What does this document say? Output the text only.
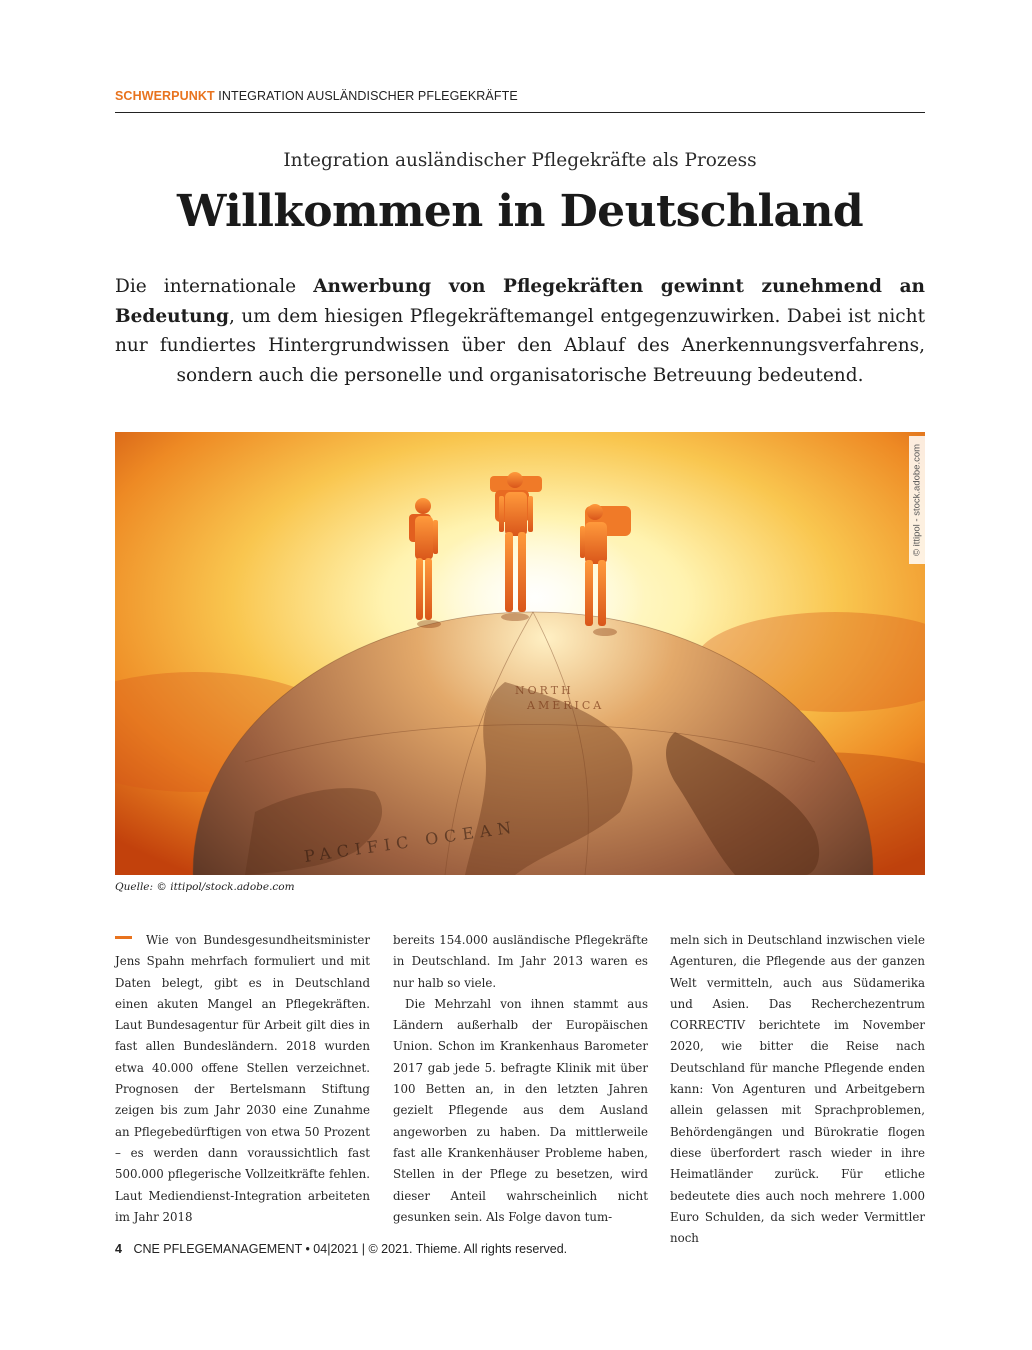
SCHWERPUNKT INTEGRATION AUSLÄNDISCHER PFLEGEKRÄFTE
Integration ausländischer Pflegekräfte als Prozess
Willkommen in Deutschland

Die internationale Anwerbung von Pflegekräften gewinnt zunehmend an Bedeutung, um dem hiesigen Pflegekräftemangel entgegenzuwirken. Dabei ist nicht nur fundiertes Hintergrundwissen über den Ablauf des Anerkennungsverfahrens, sondern auch die personelle und organisatorische Betreuung bedeutend.

NORTH
AMERICA
PACIFIC OCEAN
© ittipol - stock.adobe.com
Quelle: © ittipol/stock.adobe.com

Wie von Bundesgesundheitsminister Jens Spahn mehrfach formuliert und mit Daten belegt, gibt es in Deutschland einen akuten Mangel an Pflegekräften. Laut Bundesagentur für Arbeit gilt dies in fast allen Bundesländern. 2018 wurden etwa 40.000 offene Stellen verzeichnet. Prognosen der Bertelsmann Stiftung zeigen bis zum Jahr 2030 eine Zunahme an Pflegebedürftigen von etwa 50 Prozent – es werden dann voraussichtlich fast 500.000 pflegerische Vollzeitkräfte fehlen. Laut Mediendienst-Integration arbeiteten im Jahr 2018

bereits 154.000 ausländische Pflegekräfte in Deutschland. Im Jahr 2013 waren es nur halb so viele.

Die Mehrzahl von ihnen stammt aus Ländern außerhalb der Europäischen Union. Schon im Krankenhaus Barometer 2017 gab jede 5. befragte Klinik mit über 100 Betten an, in den letzten Jahren gezielt Pflegende aus dem Ausland angeworben zu haben. Da mittlerweile fast alle Krankenhäuser Probleme haben, Stellen in der Pflege zu besetzen, wird dieser Anteil wahrscheinlich nicht gesunken sein. Als Folge davon tum-

meln sich in Deutschland inzwischen viele Agenturen, die Pflegende aus der ganzen Welt vermitteln, auch aus Südamerika und Asien. Das Recherchezentrum CORRECTIV berichtete im November 2020, wie bitter die Reise nach Deutschland für manche Pflegende enden kann: Von Agenturen und Arbeitgebern allein gelassen mit Sprachproblemen, Behördengängen und Bürokratie flogen diese überfordert rasch wieder in ihre Heimatländer zurück. Für etliche bedeutete dies auch noch mehrere 1.000 Euro Schulden, da sich weder Vermittler noch

4 CNE PFLEGEMANAGEMENT • 04|2021 | © 2021. Thieme. All rights reserved.
